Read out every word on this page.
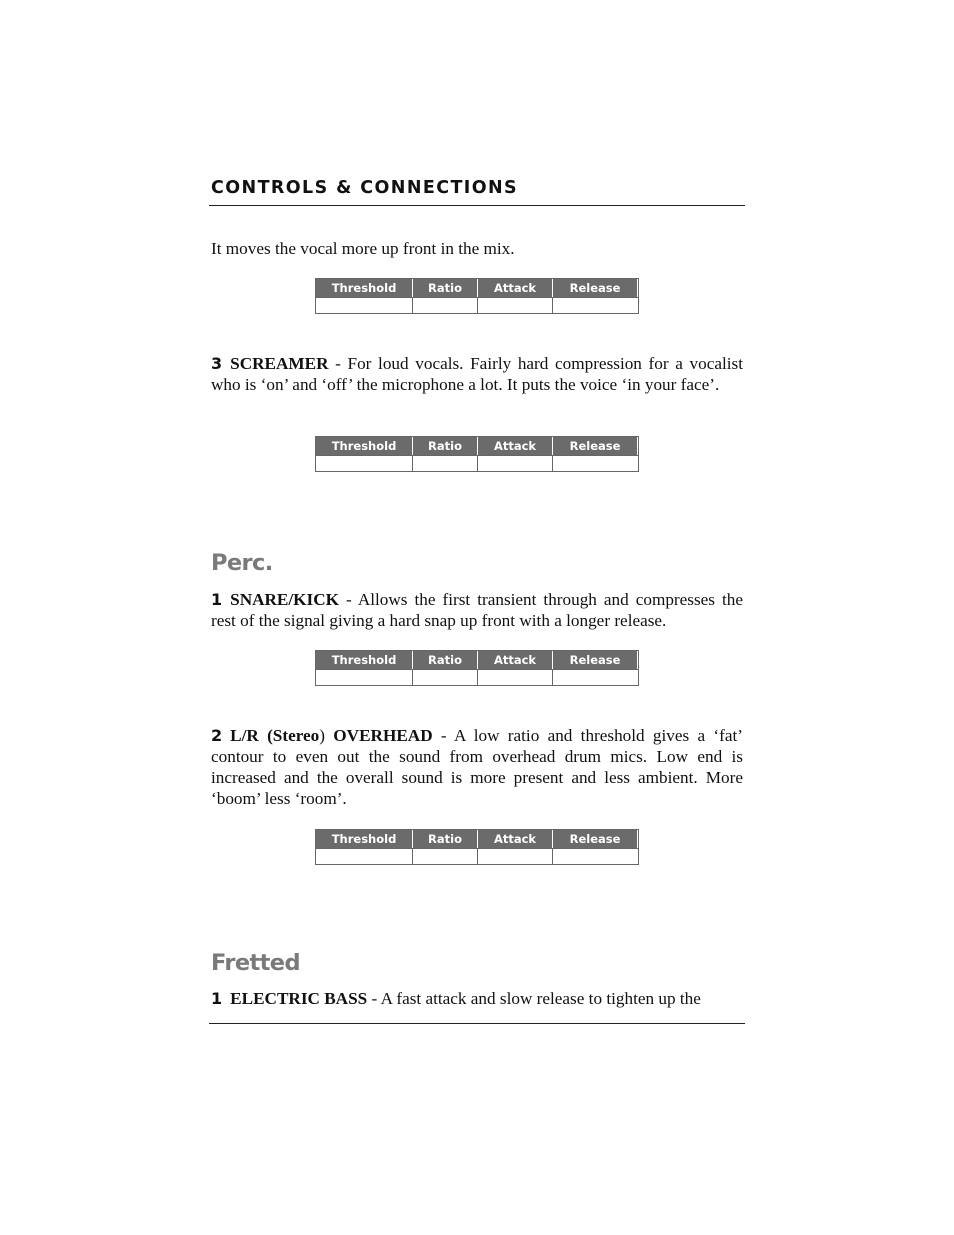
CONTROLS & CONNECTIONS
It moves the vocal more up front in the mix.
Threshold	Ratio	Attack	Release
3 SCREAMER - For loud vocals. Fairly hard compression for a vocalist who is ‘on’ and ‘off’ the microphone a lot. It puts the voice ‘in your face’.
Threshold	Ratio	Attack	Release
Perc.
1 SNARE/KICK - Allows the first transient through and compresses the rest of the signal giving a hard snap up front with a longer release.
Threshold	Ratio	Attack	Release
2 L/R (Stereo) OVERHEAD - A low ratio and threshold gives a ‘fat’ contour to even out the sound from overhead drum mics. Low end is increased and the overall sound is more present and less ambient. More ‘boom’ less ‘room’.
Threshold	Ratio	Attack	Release
Fretted
1 ELECTRIC BASS - A fast attack and slow release to tighten up the
